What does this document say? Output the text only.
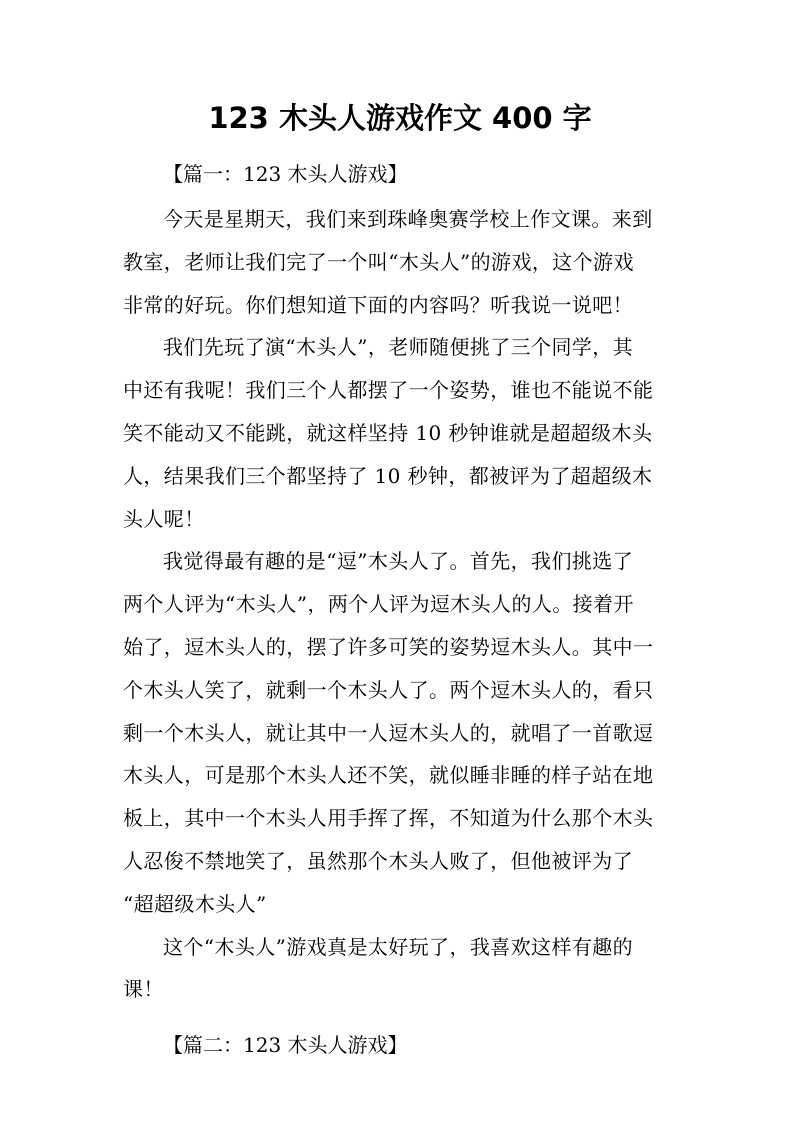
123 木头人游戏作文 400 字
【篇一：123 木头人游戏】
今天是星期天，我们来到珠峰奥赛学校上作文课。来到
教室，老师让我们完了一个叫“木头人”的游戏，这个游戏
非常的好玩。你们想知道下面的内容吗？听我说一说吧！
我们先玩了演“木头人”，老师随便挑了三个同学，其
中还有我呢！我们三个人都摆了一个姿势，谁也不能说不能
笑不能动又不能跳，就这样坚持 10 秒钟谁就是超超级木头
人，结果我们三个都坚持了 10 秒钟，都被评为了超超级木
头人呢！
我觉得最有趣的是“逗”木头人了。首先，我们挑选了
两个人评为“木头人”，两个人评为逗木头人的人。接着开
始了，逗木头人的，摆了许多可笑的姿势逗木头人。其中一
个木头人笑了，就剩一个木头人了。两个逗木头人的，看只
剩一个木头人，就让其中一人逗木头人的，就唱了一首歌逗
木头人，可是那个木头人还不笑，就似睡非睡的样子站在地
板上，其中一个木头人用手挥了挥，不知道为什么那个木头
人忍俊不禁地笑了，虽然那个木头人败了，但他被评为了
“超超级木头人”
这个“木头人”游戏真是太好玩了，我喜欢这样有趣的
课！
【篇二：123 木头人游戏】
